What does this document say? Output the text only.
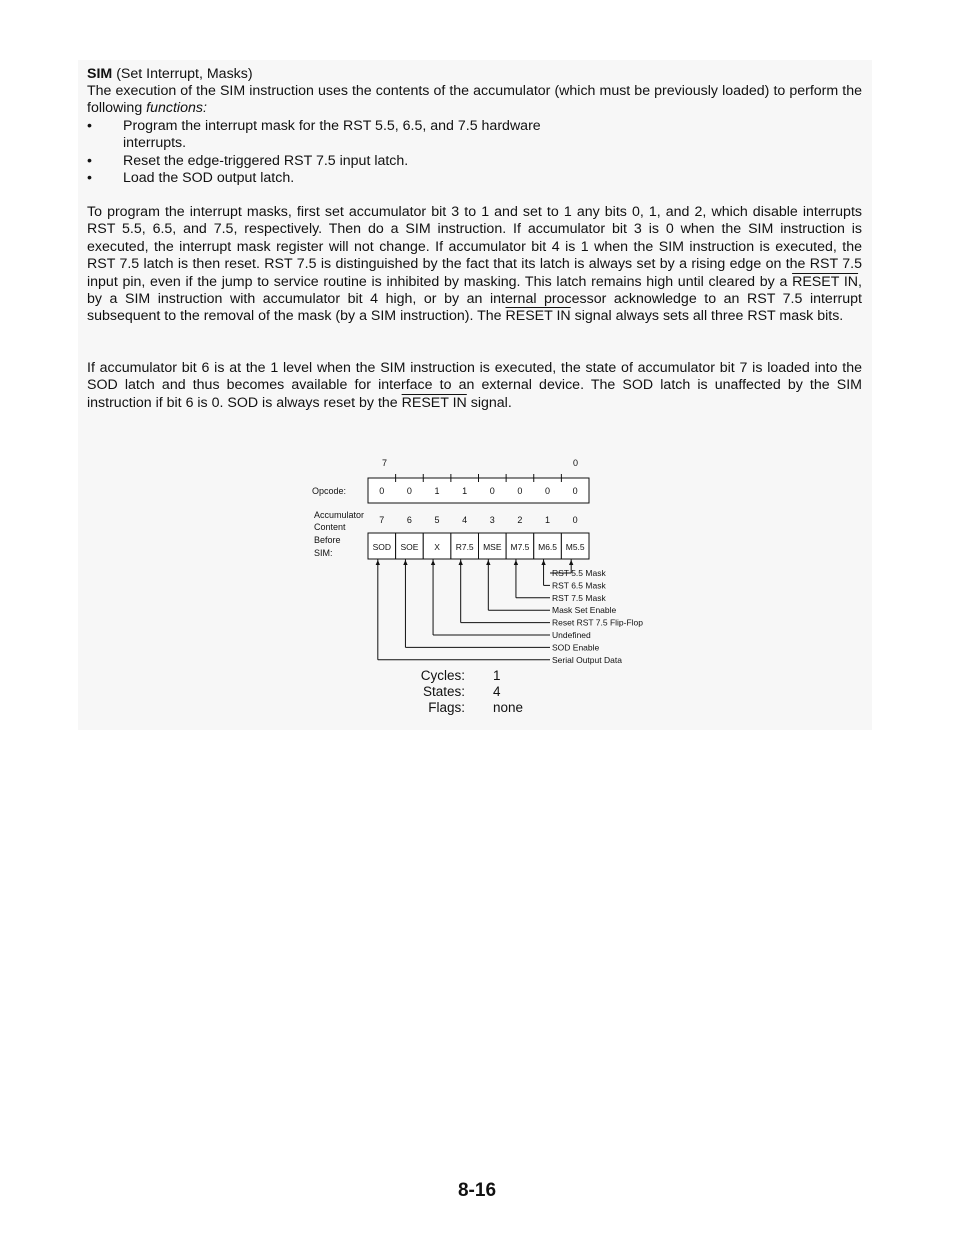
SIM (Set Interrupt, Masks)
The execution of the SIM instruction uses the contents of the accumulator (which must be previously loaded) to perform the following functions:
• Program the interrupt mask for the RST 5.5, 6.5, and 7.5 hardware interrupts.
• Reset the edge-triggered RST 7.5 input latch.
• Load the SOD output latch.
To program the interrupt masks, first set accumulator bit 3 to 1 and set to 1 any bits 0, 1, and 2, which disable interrupts RST 5.5, 6.5, and 7.5, respectively. Then do a SIM instruction. If accumulator bit 3 is 0 when the SIM instruction is executed, the interrupt mask register will not change. If accumulator bit 4 is 1 when the SIM instruction is executed, the RST 7.5 latch is then reset. RST 7.5 is distinguished by the fact that its latch is always set by a rising edge on the RST 7.5 input pin, even if the jump to service routine is inhibited by masking. This latch remains high until cleared by a RESET IN, by a SIM instruction with accumulator bit 4 high, or by an internal processor acknowledge to an RST 7.5 interrupt subsequent to the removal of the mask (by a SIM instruction). The RESET IN signal always sets all three RST mask bits.
If accumulator bit 6 is at the 1 level when the SIM instruction is executed, the state of accumulator bit 7 is loaded into the SOD latch and thus becomes available for interface to an external device. The SOD latch is unaffected by the SIM instruction if bit 6 is 0. SOD is always reset by the RESET IN signal.
7	0
Opcode:	0	0	1	1	0	0	0	0
Accumulator
Content
Before
SIM:
7	6	5	4	3	2	1	0
SOD SOE X R7.5 MSE M7.5 M6.5 M5.5
RST 5.5 Mask
RST 6.5 Mask
RST 7.5 Mask
Mask Set Enable
Reset RST 7.5 Flip-Flop
Undefined
SOD Enable
Serial Output Data
Cycles: 1
States: 4
Flags: none
8-16
